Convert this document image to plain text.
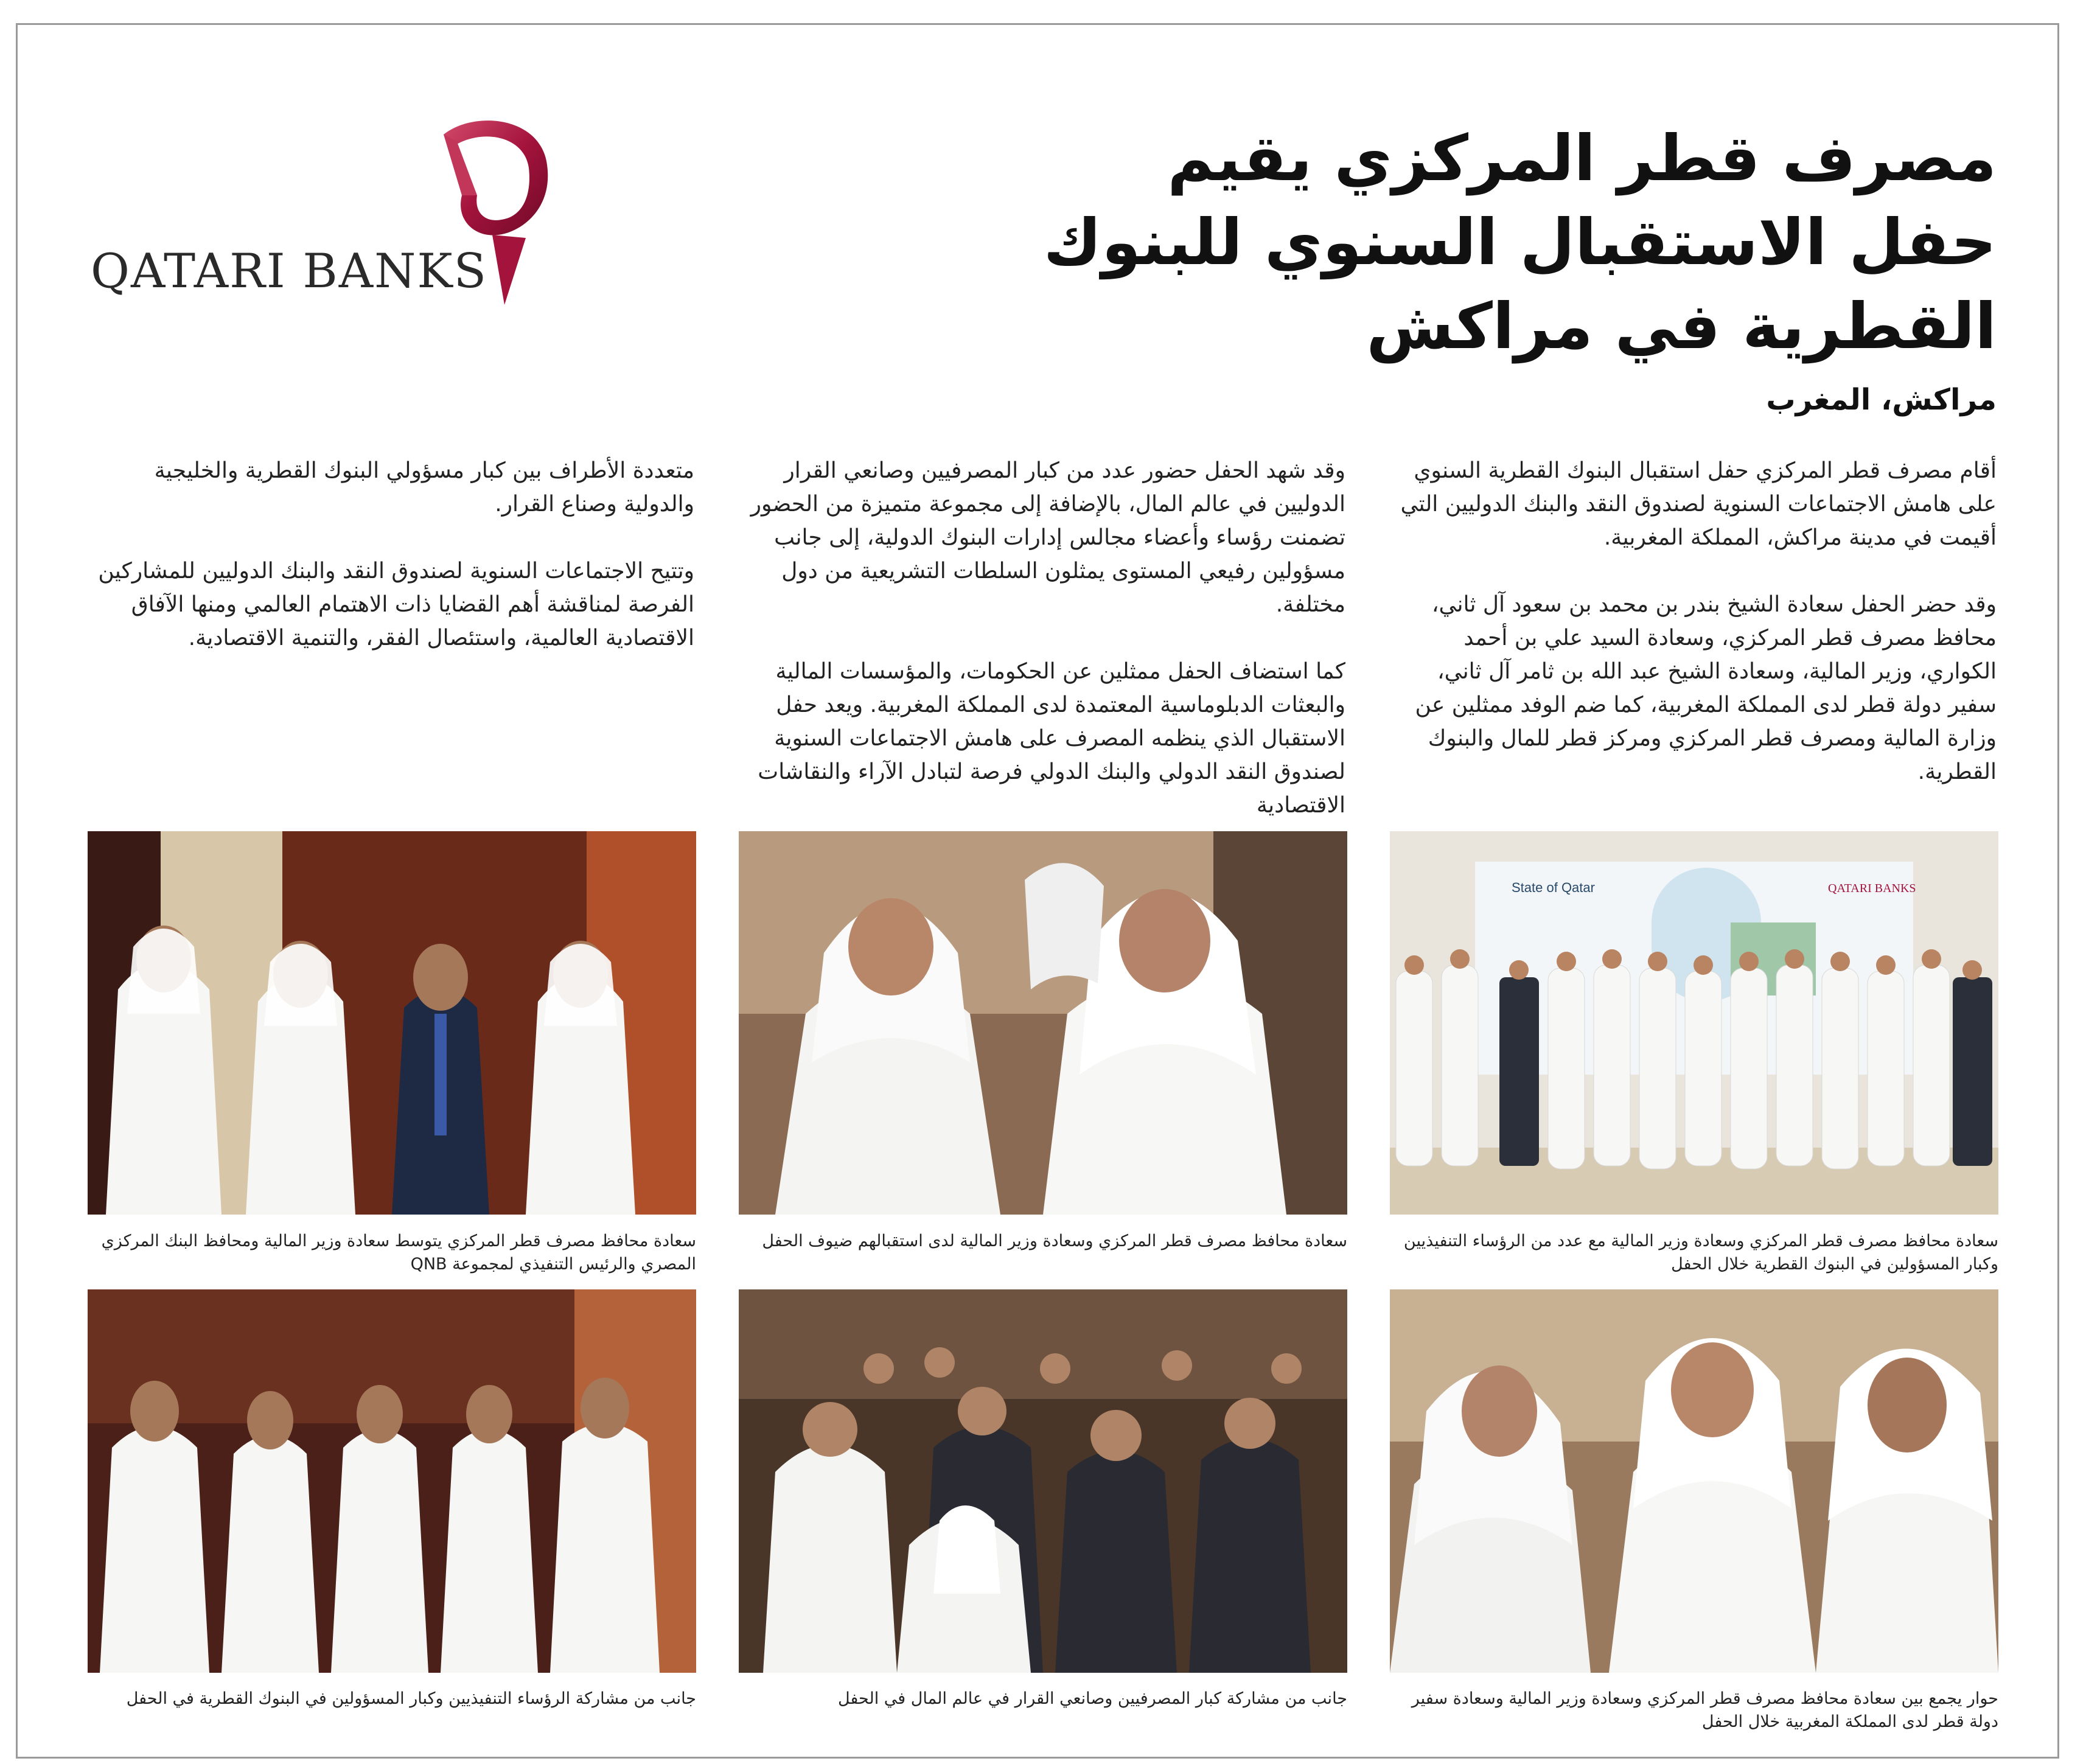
QATARI BANKS
مصرف قطر المركزي يقيم
حفل الاستقبال السنوي للبنوك
القطرية في مراكش
مراكش، المغرب

أقام مصرف قطر المركزي حفل استقبال البنوك القطرية السنوي على هامش الاجتماعات السنوية لصندوق النقد والبنك الدوليين التي أقيمت في مدينة مراكش، المملكة المغربية.

وقد حضر الحفل سعادة الشيخ بندر بن محمد بن سعود آل ثاني، محافظ مصرف قطر المركزي، وسعادة السيد علي بن أحمد الكواري، وزير المالية، وسعادة الشيخ عبد الله بن ثامر آل ثاني، سفير دولة قطر لدى المملكة المغربية، كما ضم الوفد ممثلين عن وزارة المالية ومصرف قطر المركزي ومركز قطر للمال والبنوك القطرية.

وقد شهد الحفل حضور عدد من كبار المصرفيين وصانعي القرار الدوليين في عالم المال، بالإضافة إلى مجموعة متميزة من الحضور تضمنت رؤساء وأعضاء مجالس إدارات البنوك الدولية، إلى جانب مسؤولين رفيعي المستوى يمثلون السلطات التشريعية من دول مختلفة.

كما استضاف الحفل ممثلين عن الحكومات، والمؤسسات المالية والبعثات الدبلوماسية المعتمدة لدى المملكة المغربية. ويعد حفل الاستقبال الذي ينظمه المصرف على هامش الاجتماعات السنوية لصندوق النقد الدولي والبنك الدولي فرصة لتبادل الآراء والنقاشات الاقتصادية

متعددة الأطراف بين كبار مسؤولي البنوك القطرية والخليجية والدولية وصناع القرار.

وتتيح الاجتماعات السنوية لصندوق النقد والبنك الدوليين للمشاركين الفرصة لمناقشة أهم القضايا ذات الاهتمام العالمي ومنها الآفاق الاقتصادية العالمية، واستئصال الفقر، والتنمية الاقتصادية.

State of Qatar	QATARI BANKS
سعادة محافظ مصرف قطر المركزي وسعادة وزير المالية مع عدد من الرؤساء التنفيذيين وكبار المسؤولين في البنوك القطرية خلال الحفل
سعادة محافظ مصرف قطر المركزي وسعادة وزير المالية لدى استقبالهم ضيوف الحفل
سعادة محافظ مصرف قطر المركزي يتوسط سعادة وزير المالية ومحافظ البنك المركزي المصري والرئيس التنفيذي لمجموعة QNB
حوار يجمع بين سعادة محافظ مصرف قطر المركزي وسعادة وزير المالية وسعادة سفير دولة قطر لدى المملكة المغربية خلال الحفل
جانب من مشاركة كبار المصرفيين وصانعي القرار في عالم المال في الحفل
جانب من مشاركة الرؤساء التنفيذيين وكبار المسؤولين في البنوك القطرية في الحفل
